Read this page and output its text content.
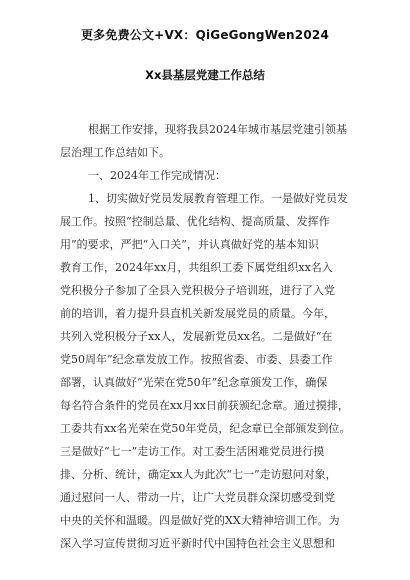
更多免费公文+VX：QiGeGongWen2024
Xx县基层党建工作总结
根据工作安排，现将我县2024年城市基层党建引领基
层治理工作总结如下。
一、2024年工作完成情况：
1、切实做好党员发展教育管理工作。一是做好党员发
展工作。按照“控制总量、优化结构、提高质量、发挥作
用”的要求，严把“入口关”，并认真做好党的基本知识
教育工作，2024年xx月，共组织工委下属党组织xx名入
党积极分子参加了全县入党积极分子培训班，进行了入党
前的培训，着力提升县直机关新发展党员的质量。今年，
共列入党积极分子xx人，发展新党员xx名。二是做好“在
党50周年”纪念章发放工作。按照省委、市委、县委工作
部署，认真做好“光荣在党50年”纪念章颁发工作，确保
每名符合条件的党员在xx月xx日前获颁纪念章。通过摸排，
工委共有xx名光荣在党50年党员，纪念章已全部颁发到位。
三是做好“七一”走访工作。对工委生活困难党员进行摸
排、分析、统计，确定xx人为此次“七一”走访慰问对象，
通过慰问一人、带动一片，让广大党员群众深切感受到党
中央的关怀和温暖。四是做好党的XX大精神培训工作。为
深入学习宣传贯彻习近平新时代中国特色社会主义思想和
